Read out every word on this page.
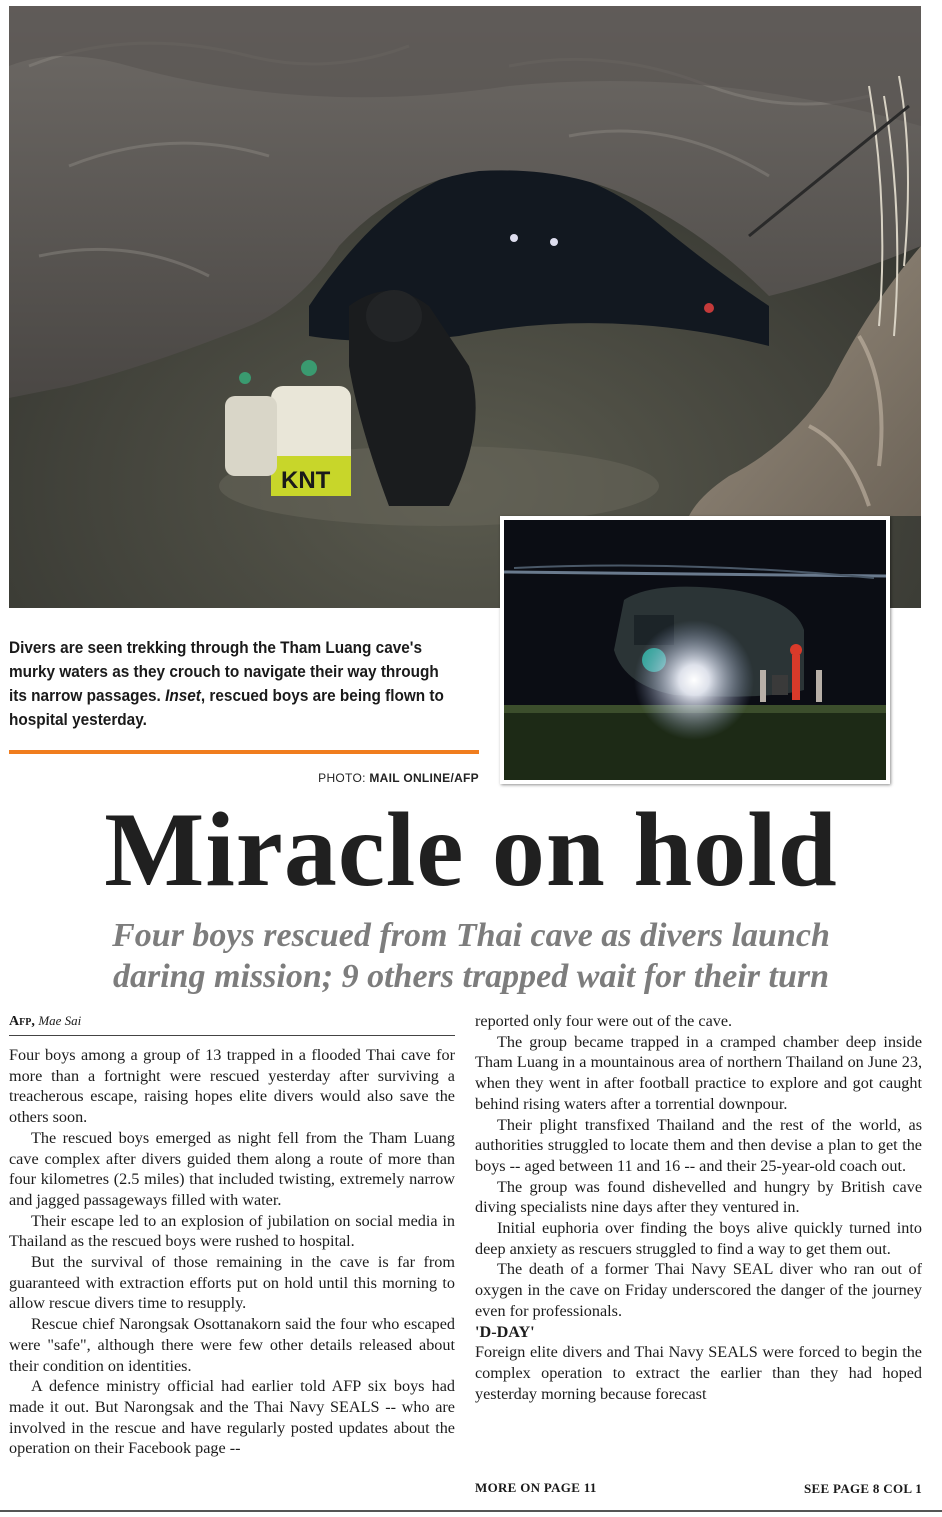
KNT
Divers are seen trekking through the Tham Luang cave's murky waters as they crouch to navigate their way through its narrow passages. Inset, rescued boys are being flown to hospital yesterday.
PHOTO: MAIL ONLINE/AFP
Miracle on hold
Four boys rescued from Thai cave as divers launch
daring mission; 9 others trapped wait for their turn
Afp, Mae Sai

Four boys among a group of 13 trapped in a flooded Thai cave for more than a fortnight were rescued yesterday after surviving a treacherous escape, raising hopes elite divers would also save the others soon.

The rescued boys emerged as night fell from the Tham Luang cave complex after divers guided them along a route of more than four kilometres (2.5 miles) that included twisting, extremely narrow and jagged passageways filled with water.

Their escape led to an explosion of jubilation on social media in Thailand as the rescued boys were rushed to hospital.

But the survival of those remaining in the cave is far from guaranteed with extraction efforts put on hold until this morning to allow rescue divers time to resupply.

Rescue chief Narongsak Osottanakorn said the four who escaped were "safe", although there were few other details released about their condition on identities.

A defence ministry official had earlier told AFP six boys had made it out. But Narongsak and the Thai Navy SEALS -- who are involved in the rescue and have regularly posted updates about the operation on their Facebook page --

reported only four were out of the cave.

The group became trapped in a cramped chamber deep inside Tham Luang in a mountainous area of northern Thailand on June 23, when they went in after football practice to explore and got caught behind rising waters after a torrential downpour.

Their plight transfixed Thailand and the rest of the world, as authorities struggled to locate them and then devise a plan to get the boys -- aged between 11 and 16 -- and their 25-year-old coach out.

The group was found dishevelled and hungry by British cave diving specialists nine days after they ventured in.

Initial euphoria over finding the boys alive quickly turned into deep anxiety as rescuers struggled to find a way to get them out.

The death of a former Thai Navy SEAL diver who ran out of oxygen in the cave on Friday underscored the danger of the journey even for professionals.

'D-DAY'

Foreign elite divers and Thai Navy SEALS were forced to begin the complex operation to extract the earlier than they had hoped yesterday morning because forecast

MORE ON PAGE 11	SEE PAGE 8 COL 1
